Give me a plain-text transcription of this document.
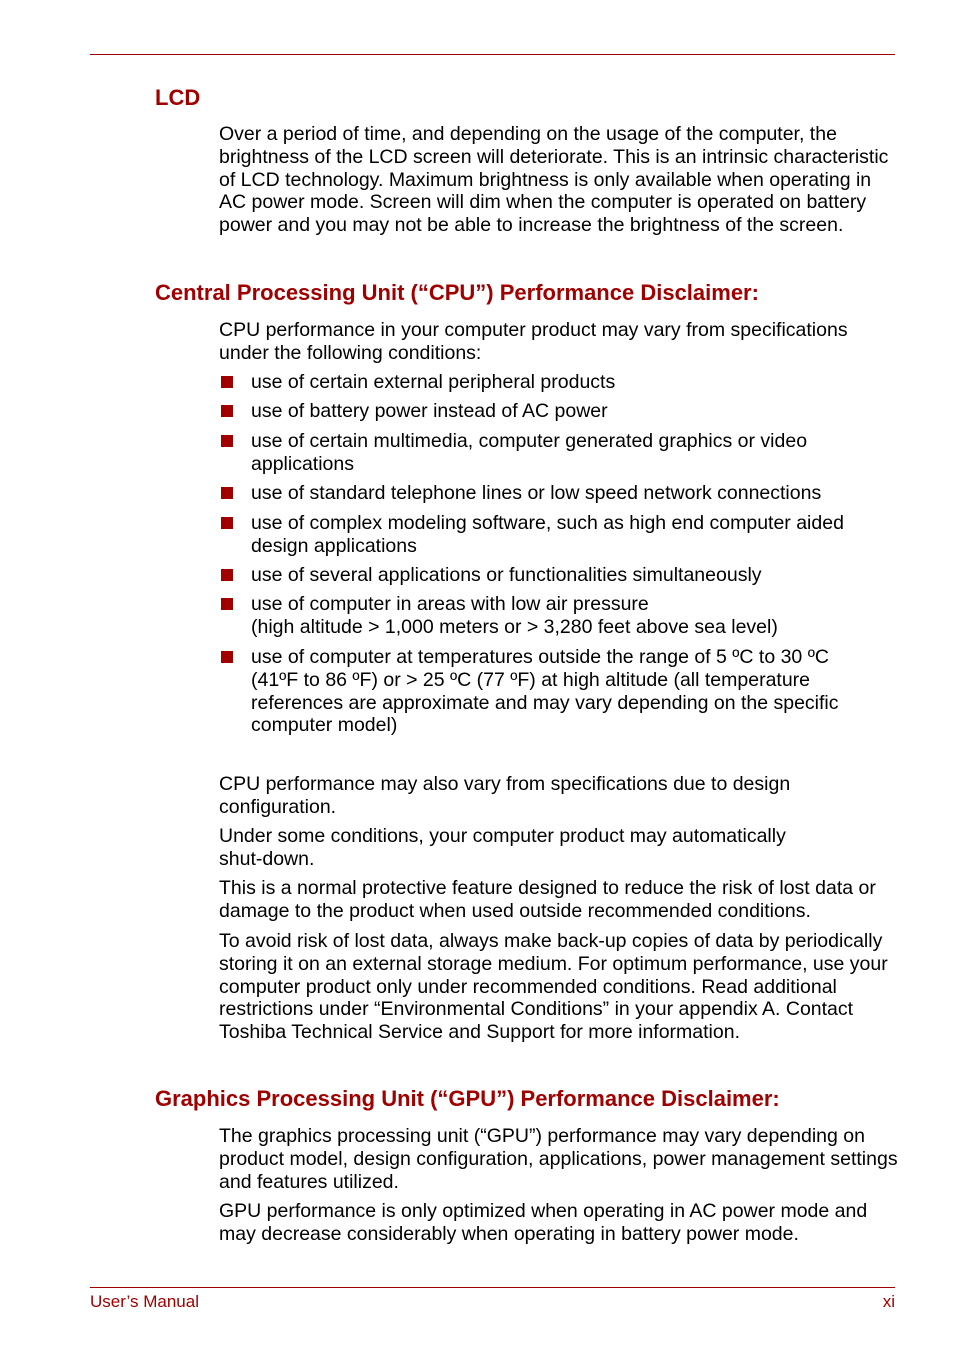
LCD

Over a period of time, and depending on the usage of the computer, the brightness of the LCD screen will deteriorate. This is an intrinsic characteristic of LCD technology. Maximum brightness is only available when operating in AC power mode. Screen will dim when the computer is operated on battery power and you may not be able to increase the brightness of the screen.

Central Processing Unit (“CPU”) Performance Disclaimer:

CPU performance in your computer product may vary from specifications under the following conditions:

use of certain external peripheral products
use of battery power instead of AC power
use of certain multimedia, computer generated graphics or video applications
use of standard telephone lines or low speed network connections
use of complex modeling software, such as high end computer aided design applications
use of several applications or functionalities simultaneously
use of computer in areas with low air pressure
(high altitude > 1,000 meters or > 3,280 feet above sea level)
use of computer at temperatures outside the range of 5 ºC to 30 ºC (41ºF to 86 ºF) or > 25 ºC (77 ºF) at high altitude (all temperature references are approximate and may vary depending on the specific computer model)

CPU performance may also vary from specifications due to design configuration.

Under some conditions, your computer product may automatically shut-down.

This is a normal protective feature designed to reduce the risk of lost data or damage to the product when used outside recommended conditions.

To avoid risk of lost data, always make back-up copies of data by periodically storing it on an external storage medium. For optimum performance, use your computer product only under recommended conditions. Read additional restrictions under “Environmental Conditions” in your appendix A. Contact Toshiba Technical Service and Support for more information.

Graphics Processing Unit (“GPU”) Performance Disclaimer:

The graphics processing unit (“GPU”) performance may vary depending on product model, design configuration, applications, power management settings and features utilized.

GPU performance is only optimized when operating in AC power mode and may decrease considerably when operating in battery power mode.

User’s Manual	xi
